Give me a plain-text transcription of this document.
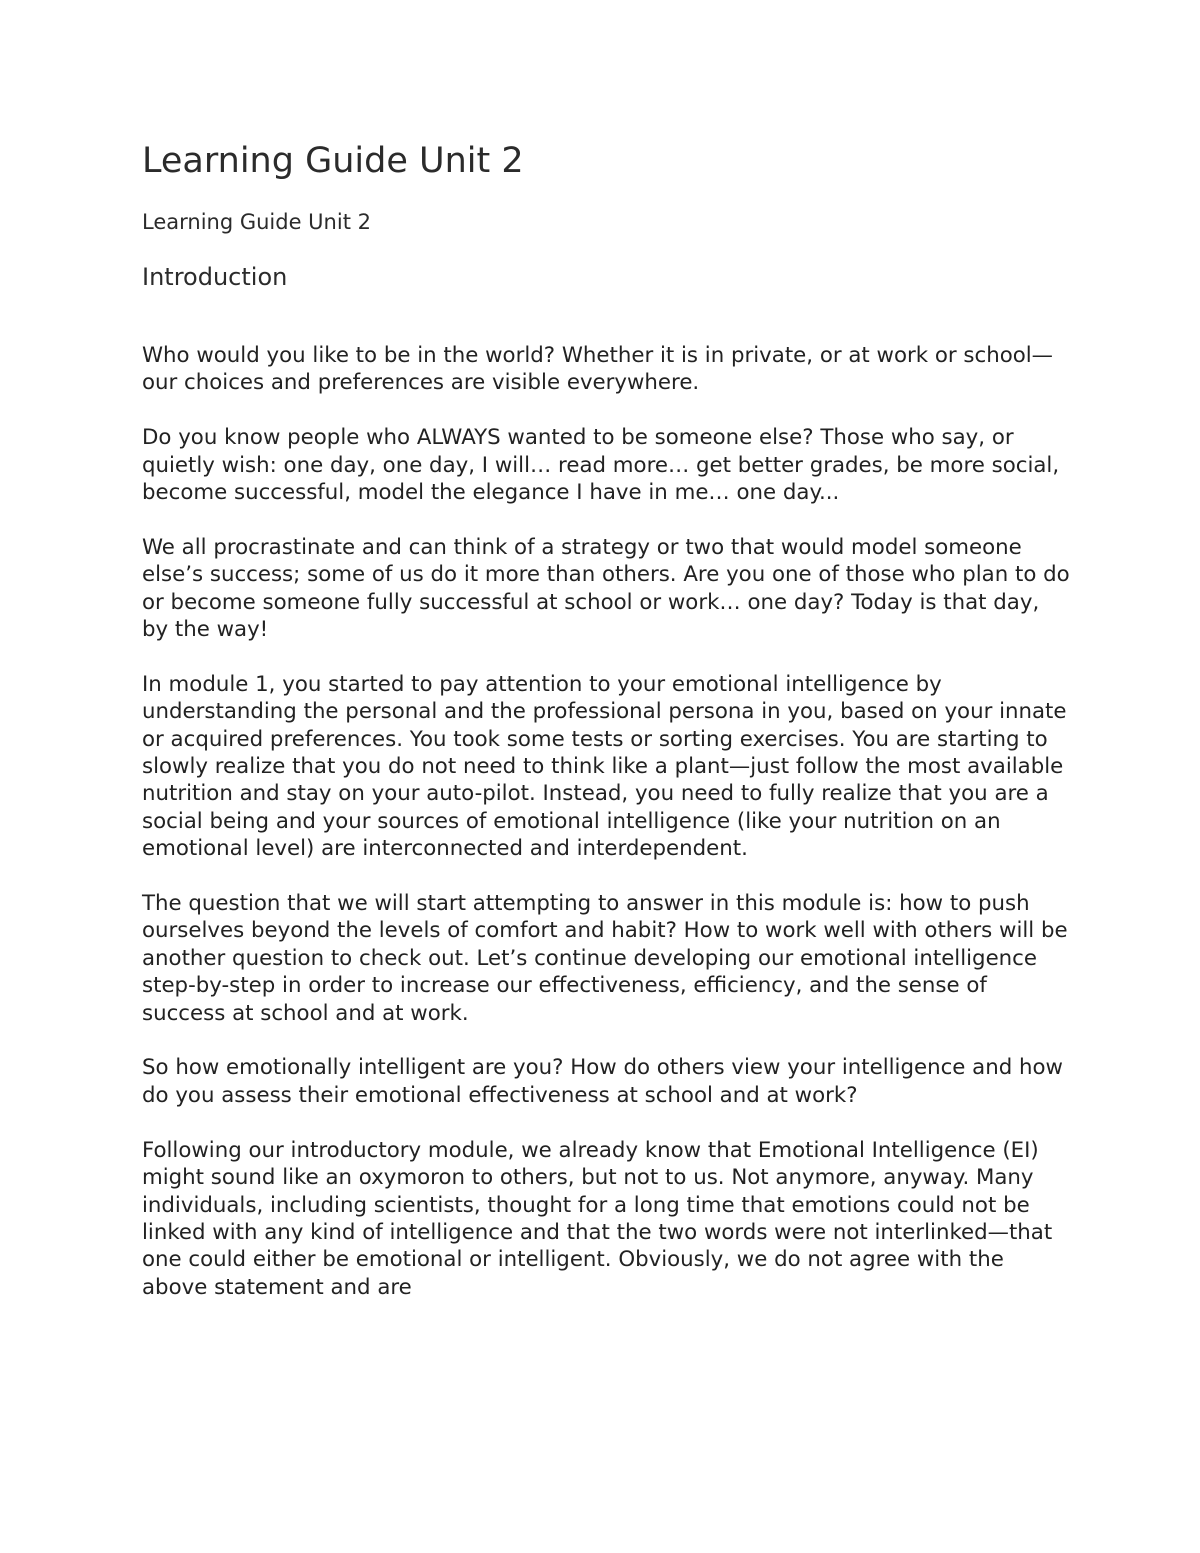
Learning Guide Unit 2
Learning Guide Unit 2
Introduction

Who would you like to be in the world? Whether it is in private, or at work or school—our choices and preferences are visible everywhere.

Do you know people who ALWAYS wanted to be someone else? Those who say, or quietly wish: one day, one day, I will… read more… get better grades, be more social, become successful, model the elegance I have in me… one day...

We all procrastinate and can think of a strategy or two that would model someone else’s success; some of us do it more than others. Are you one of those who plan to do or become someone fully successful at school or work… one day? Today is that day, by the way!

In module 1, you started to pay attention to your emotional intelligence by understanding the personal and the professional persona in you, based on your innate or acquired preferences. You took some tests or sorting exercises. You are starting to slowly realize that you do not need to think like a plant—just follow the most available nutrition and stay on your auto-pilot. Instead, you need to fully realize that you are a social being and your sources of emotional intelligence (like your nutrition on an emotional level) are interconnected and interdependent.

The question that we will start attempting to answer in this module is: how to push ourselves beyond the levels of comfort and habit? How to work well with others will be another question to check out. Let’s continue developing our emotional intelligence step-by-step in order to increase our effectiveness, efficiency, and the sense of success at school and at work.

So how emotionally intelligent are you? How do others view your intelligence and how do you assess their emotional effectiveness at school and at work?

Following our introductory module, we already know that Emotional Intelligence (EI) might sound like an oxymoron to others, but not to us. Not anymore, anyway. Many individuals, including scientists, thought for a long time that emotions could not be linked with any kind of intelligence and that the two words were not interlinked—that one could either be emotional or intelligent. Obviously, we do not agree with the above statement and are
